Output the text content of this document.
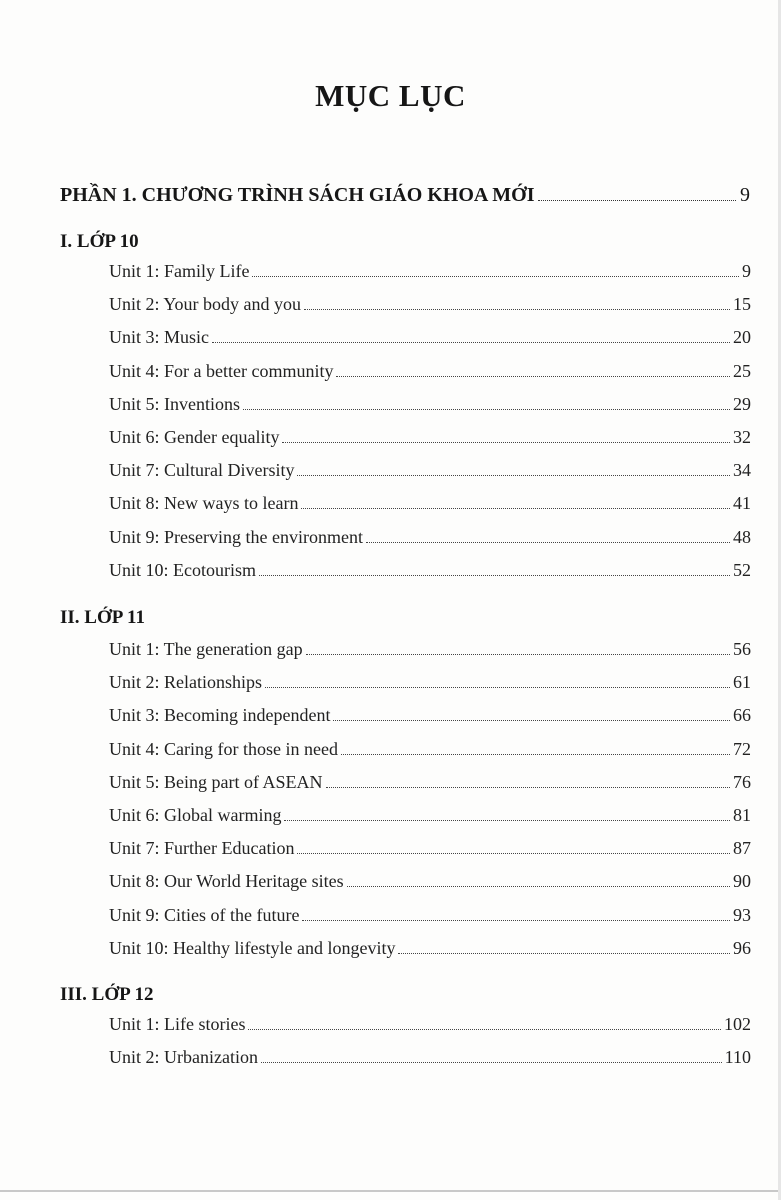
MỤC LỤC
PHẦN 1. CHƯƠNG TRÌNH SÁCH GIÁO KHOA MỚI	9
I. LỚP 10
Unit 1: Family Life	9
Unit 2: Your body and you	15
Unit 3: Music	20
Unit 4: For a better community	25
Unit 5: Inventions	29
Unit 6: Gender equality	32
Unit 7: Cultural Diversity	34
Unit 8: New ways to learn	41
Unit 9: Preserving the environment	48
Unit 10: Ecotourism	52
II. LỚP 11
Unit 1: The generation gap	56
Unit 2: Relationships	61
Unit 3: Becoming independent	66
Unit 4: Caring for those in need	72
Unit 5: Being part of ASEAN	76
Unit 6: Global warming	81
Unit 7: Further Education	87
Unit 8: Our World Heritage sites	90
Unit 9: Cities of the future	93
Unit 10: Healthy lifestyle and longevity	96
III. LỚP 12
Unit 1: Life stories	102
Unit 2: Urbanization	110
